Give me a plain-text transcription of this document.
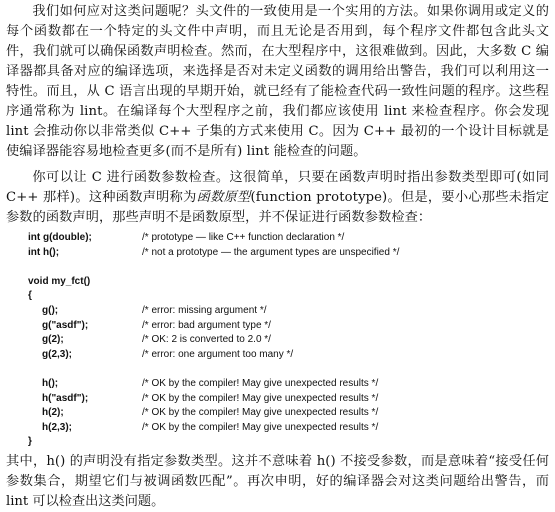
我们如何应对这类问题呢？头文件的一致使用是一个实用的方法。如果你调用或定义的每个函数都在一个特定的头文件中声明，而且无论是否用到，每个程序文件都包含此头文件，我们就可以确保函数声明检查。然而，在大型程序中，这很难做到。因此，大多数 C 编译器都具备对应的编译选项，来选择是否对未定义函数的调用给出警告，我们可以利用这一特性。而且，从 C 语言出现的早期开始，就已经有了能检查代码一致性问题的程序。这些程序通常称为 lint。在编译每个大型程序之前，我们都应该使用 lint 来检查程序。你会发现 lint 会推动你以非常类似 C++ 子集的方式来使用 C。因为 C++ 最初的一个设计目标就是使编译器能容易地检查更多(而不是所有) lint 能检查的问题。

你可以让 C 进行函数参数检查。这很简单，只要在函数声明时指出参数类型即可(如同 C++ 那样)。这种函数声明称为函数原型(function prototype)。但是，要小心那些未指定参数的函数声明，那些声明不是函数原型，并不保证进行函数参数检查：

int g(double);	/* prototype — like C++ function declaration */
int h();	/* not a prototype — the argument types are unspecified */
void my_fct()
{
g();	/* error: missing argument */
g("asdf");	/* error: bad argument type */
g(2);	/* OK: 2 is converted to 2.0 */
g(2,3);	/* error: one argument too many */
h();	/* OK by the compiler! May give unexpected results */
h("asdf");	/* OK by the compiler! May give unexpected results */
h(2);	/* OK by the compiler! May give unexpected results */
h(2,3);	/* OK by the compiler! May give unexpected results */
}

其中，h() 的声明没有指定参数类型。这并不意味着 h() 不接受参数，而是意味着“接受任何参数集合，期望它们与被调函数匹配”。再次申明，好的编译器会对这类问题给出警告，而 lint 可以检查出这类问题。
